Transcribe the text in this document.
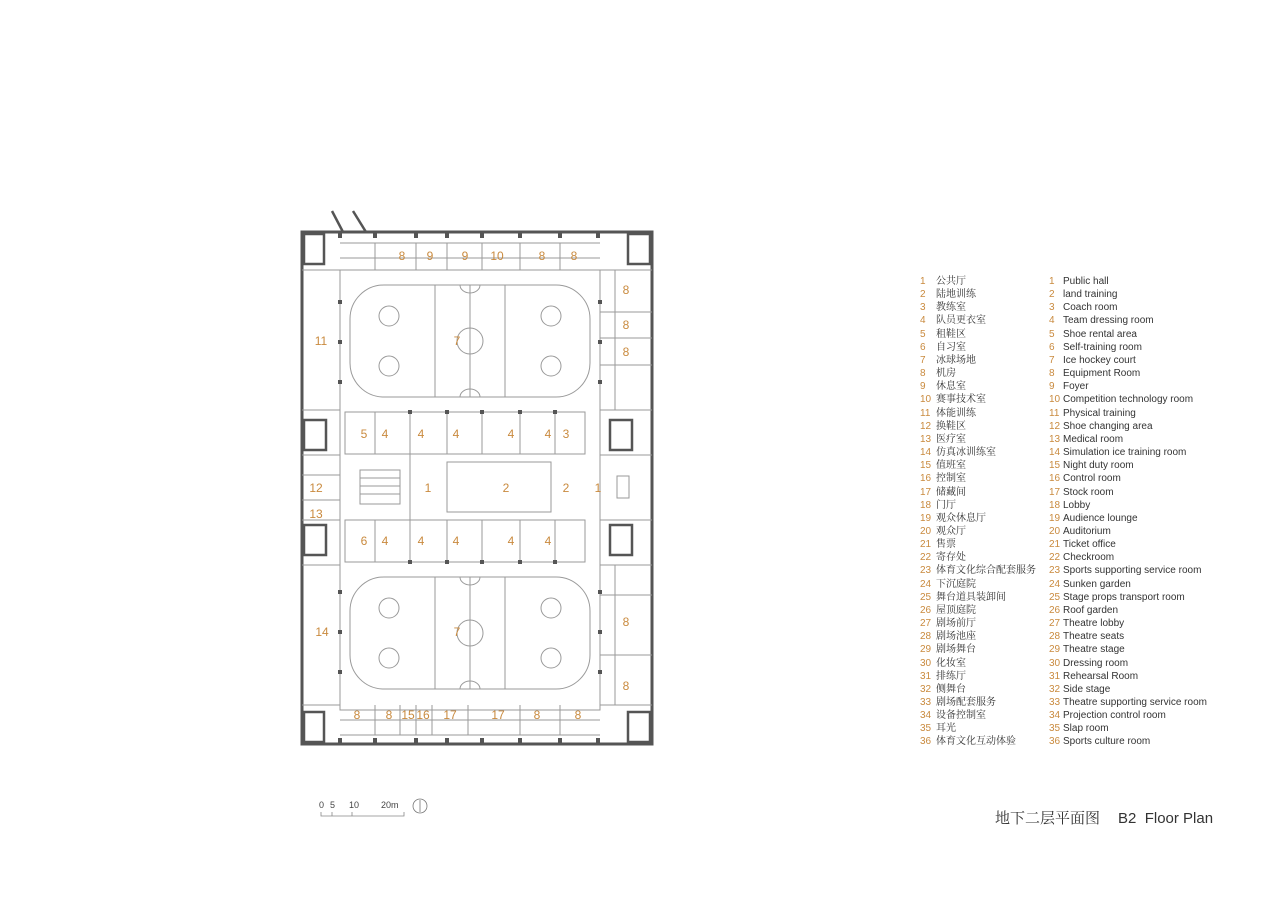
8 9 9 10	8 8
8
8
8
11	7
5 4 4 4	4	4 3
1	2	2 1
12
13
6 4 4 4	4	4
14	7
8
8
8 8 15 16 17	17 8	8
0 5 10 20m
1	公共厅
2	陆地训练
3	教练室
4	队员更衣室
5	租鞋区
6	自习室
7	冰球场地
8	机房
9	休息室
10 赛事技术室
11 体能训练
12 换鞋区
13 医疗室
14 仿真冰训练室
15 值班室
16 控制室
17 储藏间
18 门厅
19 观众休息厅
20 观众厅
21 售票
22 寄存处
23 体育文化综合配套服务
24 下沉庭院
25 舞台道具装卸间
26 屋顶庭院
27 剧场前厅
28 剧场池座
29 剧场舞台
30 化妆室
31 排练厅
32 侧舞台
33 剧场配套服务
34 设备控制室
35 耳光
36 体育文化互动体验
1 Public hall
2 land training
3 Coach room
4 Team dressing room
5 Shoe rental area
6 Self-training room
7 Ice hockey court
8 Equipment Room
9 Foyer
10 Competition technology room
11 Physical training
12 Shoe changing area
13 Medical room
14 Simulation ice training room
15 Night duty room
16 Control room
17 Stock room
18 Lobby
19 Audience lounge
20 Auditorium
21 Ticket office
22 Checkroom
23 Sports supporting service room
24 Sunken garden
25 Stage props transport room
26 Roof garden
27 Theatre lobby
28 Theatre seats
29 Theatre stage
30 Dressing room
31 Rehearsal Room
32 Side stage
33 Theatre supporting service room
34 Projection control room
35 Slap room
36 Sports culture room
地下二层平面图 B2  Floor Plan
